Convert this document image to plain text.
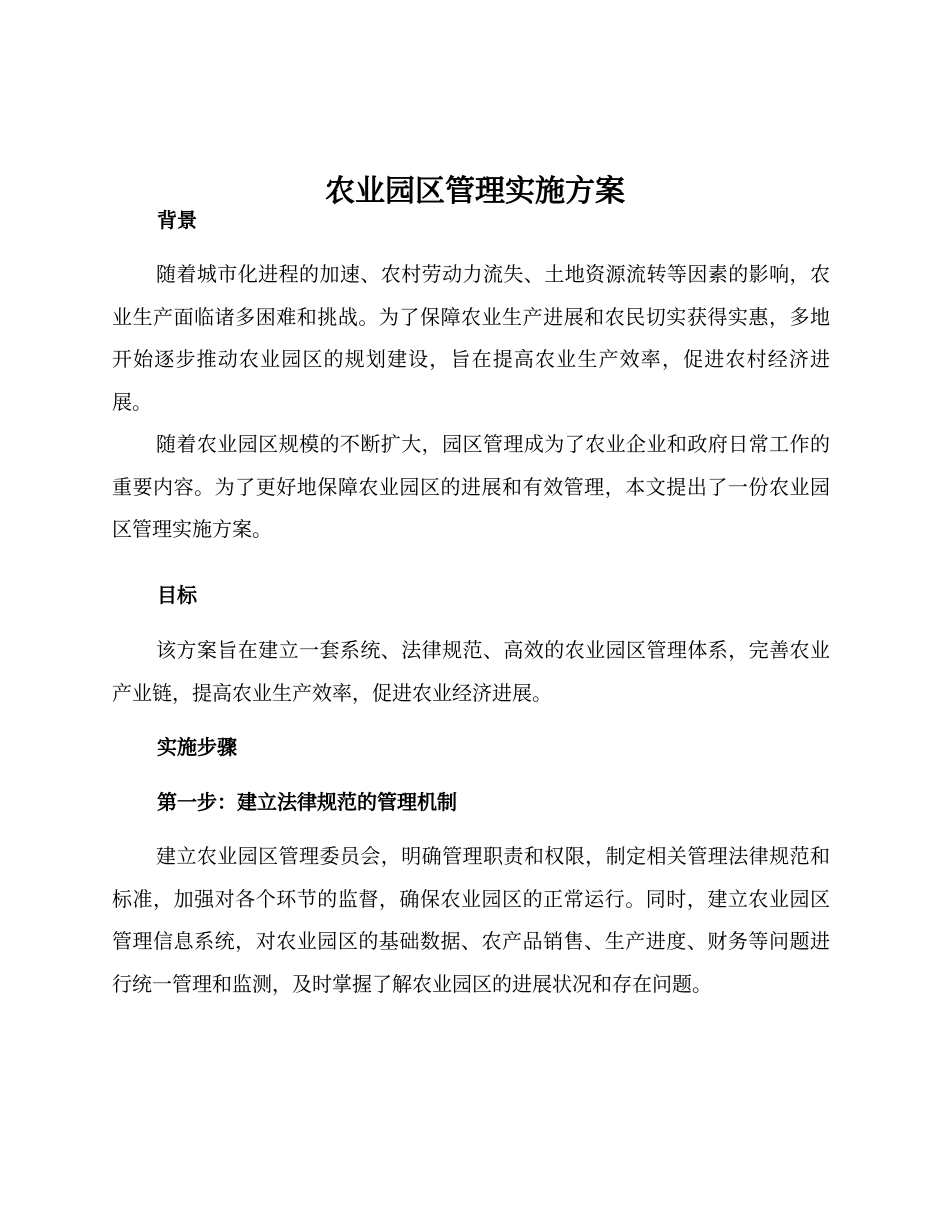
农业园区管理实施方案
背景

随着城市化进程的加速、农村劳动力流失、土地资源流转等因素的影响，农业生产面临诸多困难和挑战。为了保障农业生产进展和农民切实获得实惠，多地开始逐步推动农业园区的规划建设，旨在提高农业生产效率，促进农村经济进展。

随着农业园区规模的不断扩大，园区管理成为了农业企业和政府日常工作的重要内容。为了更好地保障农业园区的进展和有效管理，本文提出了一份农业园区管理实施方案。

目标

该方案旨在建立一套系统、法律规范、高效的农业园区管理体系，完善农业产业链，提高农业生产效率，促进农业经济进展。

实施步骤
第一步：建立法律规范的管理机制

建立农业园区管理委员会，明确管理职责和权限，制定相关管理法律规范和标准，加强对各个环节的监督，确保农业园区的正常运行。同时，建立农业园区管理信息系统，对农业园区的基础数据、农产品销售、生产进度、财务等问题进行统一管理和监测，及时掌握了解农业园区的进展状况和存在问题。
